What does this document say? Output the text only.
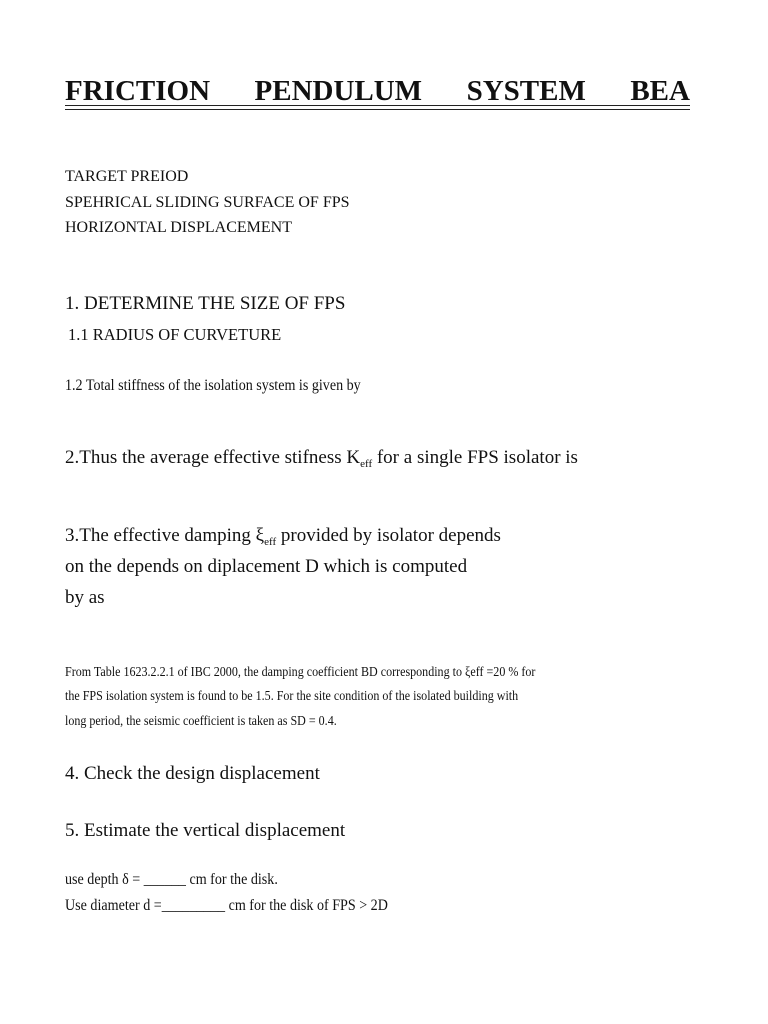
FRICTION PENDULUM SYSTEM BEA
TARGET PREIOD
SPEHRICAL SLIDING SURFACE OF FPS
HORIZONTAL DISPLACEMENT
1. DETERMINE THE SIZE OF FPS
1.1 RADIUS OF CURVETURE
1.2 Total stiffness of the isolation system is given by
2.Thus the average effective stifness $K_{eff}$ for a single FPS isolator is
3.The effective damping $\xi_{eff}$ provided by isolator depends
on the depends on diplacement D which is computed
by as
From Table 1623.2.2.1 of IBC 2000, the damping coefficient BD corresponding to ξeff =20 % for
the FPS isolation system is found to be 1.5. For the site condition of the isolated building with
long period, the seismic coefficient is taken as SD = 0.4.
4. Check the design displacement
5. Estimate the vertical displacement
use depth δ = ______ cm for the disk.
Use diameter d =_________ cm for the disk of FPS > 2D
